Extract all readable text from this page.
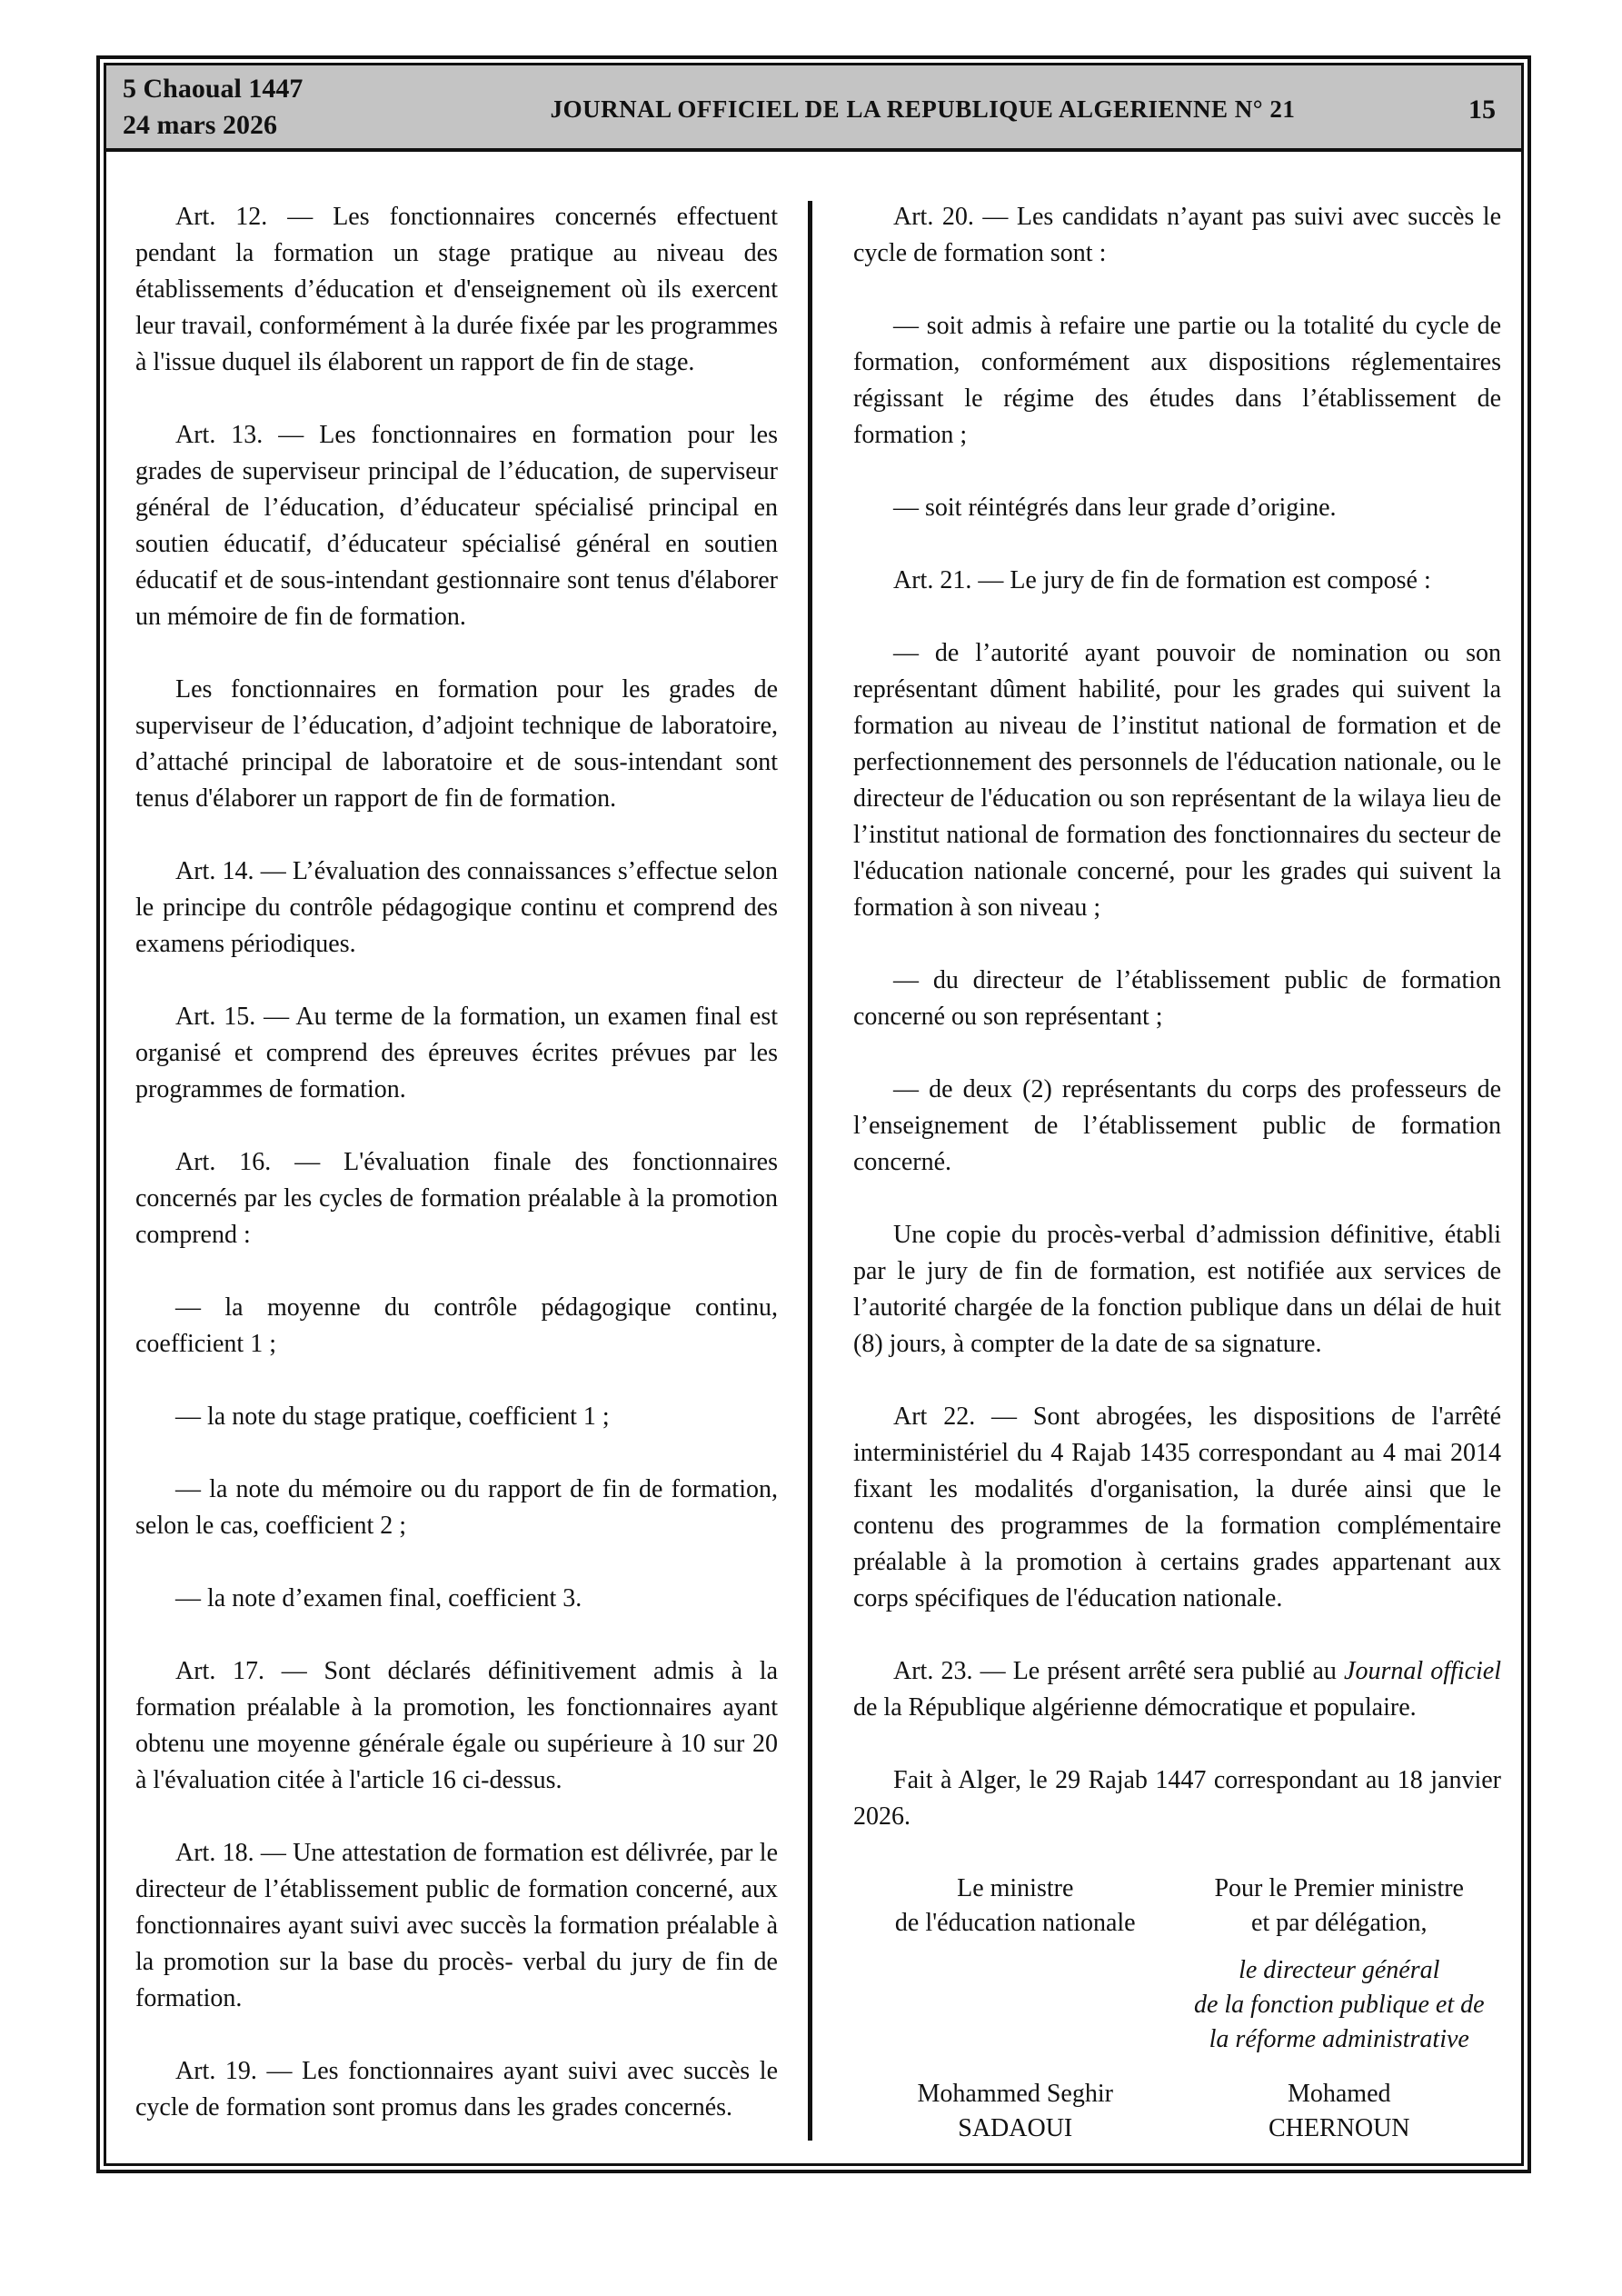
5 Chaoual 1447
24 mars 2026
JOURNAL OFFICIEL DE LA REPUBLIQUE ALGERIENNE N° 21	15

Art. 12. — Les fonctionnaires concernés effectuent pendant la formation un stage pratique au niveau des établissements d’éducation et d'enseignement où ils exercent leur travail, conformément à la durée fixée par les programmes à l'issue duquel ils élaborent un rapport de fin de stage.

Art. 13. — Les fonctionnaires en formation pour les grades de superviseur principal de l’éducation, de superviseur général de l’éducation, d’éducateur spécialisé principal en soutien éducatif, d’éducateur spécialisé général en soutien éducatif et de sous-intendant gestionnaire sont tenus d'élaborer un mémoire de fin de formation.

Les fonctionnaires en formation pour les grades de superviseur de l’éducation, d’adjoint technique de laboratoire, d’attaché principal de laboratoire et de sous-intendant sont tenus d'élaborer un rapport de fin de formation.

Art. 14. — L’évaluation des connaissances s’effectue selon le principe du contrôle pédagogique continu et comprend des examens périodiques.

Art. 15. — Au terme de la formation, un examen final est organisé et comprend des épreuves écrites prévues par les programmes de formation.

Art. 16. — L'évaluation finale des fonctionnaires concernés par les cycles de formation préalable à la promotion comprend :

— la moyenne du contrôle pédagogique continu, coefficient 1 ;

— la note du stage pratique, coefficient 1 ;

— la note du mémoire ou du rapport de fin de formation, selon le cas, coefficient 2 ;

— la note d’examen final, coefficient 3.

Art. 17. — Sont déclarés définitivement admis à la formation préalable à la promotion, les fonctionnaires ayant obtenu une moyenne générale égale ou supérieure à 10 sur 20 à l'évaluation citée à l'article 16 ci-dessus.

Art. 18. — Une attestation de formation est délivrée, par le directeur de l’établissement public de formation concerné, aux fonctionnaires ayant suivi avec succès la formation préalable à la promotion sur la base du procès- verbal du jury de fin de formation.

Art. 19. — Les fonctionnaires ayant suivi avec succès le cycle de formation sont promus dans les grades concernés.

Art. 20. — Les candidats n’ayant pas suivi avec succès le cycle de formation sont :

— soit admis à refaire une partie ou la totalité du cycle de formation, conformément aux dispositions réglementaires régissant le régime des études dans l’établissement de formation ;

— soit réintégrés dans leur grade d’origine.

Art. 21. — Le jury de fin de formation est composé :

— de l’autorité ayant pouvoir de nomination ou son représentant dûment habilité, pour les grades qui suivent la formation au niveau de l’institut national de formation et de perfectionnement des personnels de l'éducation nationale, ou le directeur de l'éducation ou son représentant de la wilaya lieu de l’institut national de formation des fonctionnaires du secteur de l'éducation nationale concerné, pour les grades qui suivent la formation à son niveau ;

— du directeur de l’établissement public de formation concerné ou son représentant ;

— de deux (2) représentants du corps des professeurs de l’enseignement de l’établissement public de formation concerné.

Une copie du procès-verbal d’admission définitive, établi par le jury de fin de formation, est notifiée aux services de l’autorité chargée de la fonction publique dans un délai de huit (8) jours, à compter de la date de sa signature.

Art 22. — Sont abrogées, les dispositions de l'arrêté interministériel du 4 Rajab 1435 correspondant au 4 mai 2014 fixant les modalités d'organisation, la durée ainsi que le contenu des programmes de la formation complémentaire préalable à la promotion à certains grades appartenant aux corps spécifiques de l'éducation nationale.

Art. 23. — Le présent arrêté sera publié au Journal officiel de la République algérienne démocratique et populaire.

Fait à Alger, le 29 Rajab 1447 correspondant au 18 janvier 2026.

Le ministre
de l'éducation nationale
Pour le Premier ministre
et par délégation,
le directeur général
de la fonction publique et de
la réforme administrative
Mohammed Seghir
SADAOUI
Mohamed
CHERNOUN
